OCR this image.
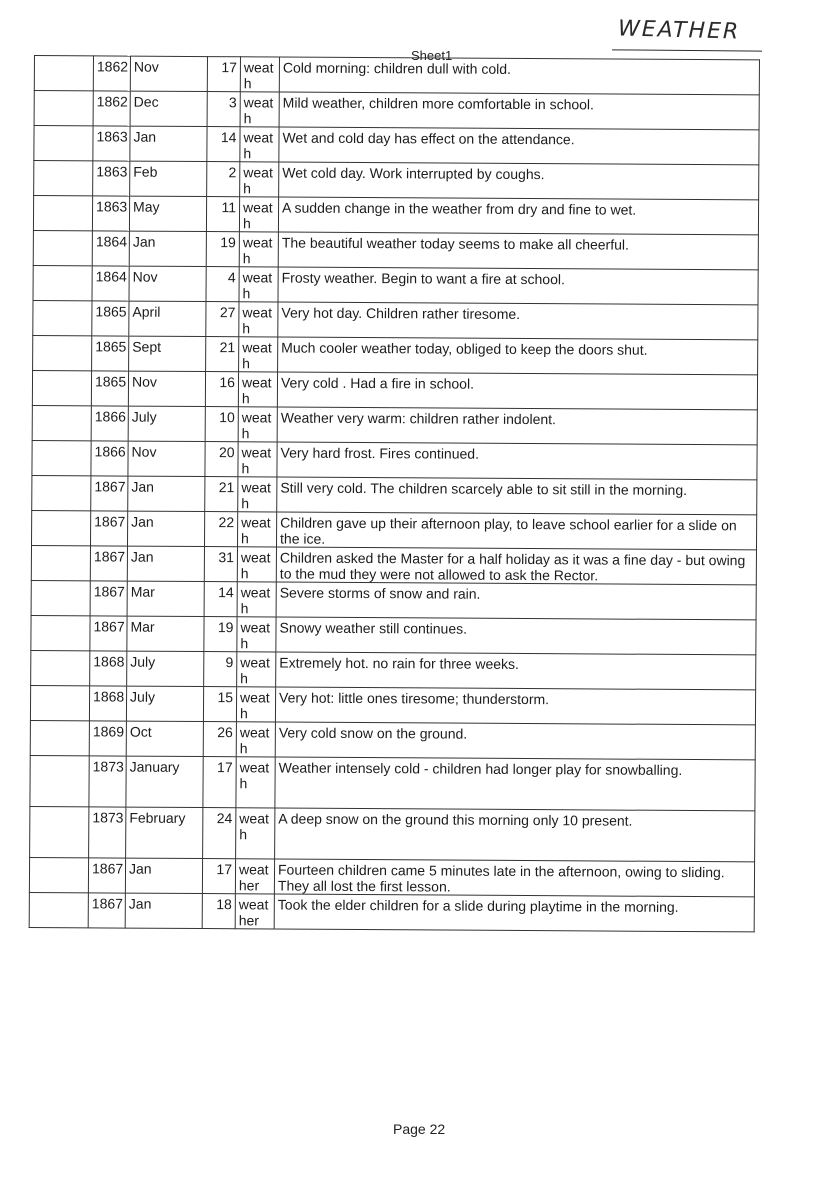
WEATHER
Sheet1
	1862	Nov	17	weath	Cold morning: children dull with cold.
	1862	Dec	3	weath	Mild weather, children more comfortable in school.
	1863	Jan	14	weath	Wet and cold day has effect on the attendance.
	1863	Feb	2	weath	Wet cold day. Work interrupted by coughs.
	1863	May	11	weath	A sudden change in the weather from dry and fine to wet.
	1864	Jan	19	weath	The beautiful weather today seems to make all cheerful.
	1864	Nov	4	weath	Frosty weather. Begin to want a fire at school.
	1865	April	27	weath	Very hot day. Children rather tiresome.
	1865	Sept	21	weath	Much cooler weather today, obliged to keep the doors shut.
	1865	Nov	16	weath	Very cold . Had a fire in school.
	1866	July	10	weath	Weather very warm: children rather indolent.
	1866	Nov	20	weath	Very hard frost. Fires continued.
	1867	Jan	21	weath	Still very cold. The children scarcely able to sit still in the morning.
	1867	Jan	22	weath	Children gave up their afternoon play, to leave school earlier for a slide on the ice.
	1867	Jan	31	weath	Children asked the Master for a half holiday as it was a fine day - but owing to the mud they were not allowed to ask the Rector.
	1867	Mar	14	weath	Severe storms of snow and rain.
	1867	Mar	19	weath	Snowy weather still continues.
	1868	July	9	weath	Extremely hot. no rain for three weeks.
	1868	July	15	weath	Very hot: little ones tiresome; thunderstorm.
	1869	Oct	26	weath	Very cold snow on the ground.
	1873	January	17	weath	Weather intensely cold - children had longer play for snowballing.
	1873	February	24	weath	A deep snow on the ground this morning only 10 present.
	1867	Jan	17	weather	Fourteen children came 5 minutes late in the afternoon, owing to sliding. They all lost the first lesson.
	1867	Jan	18	weather	Took the elder children for a slide during playtime in the morning.
Page 22
